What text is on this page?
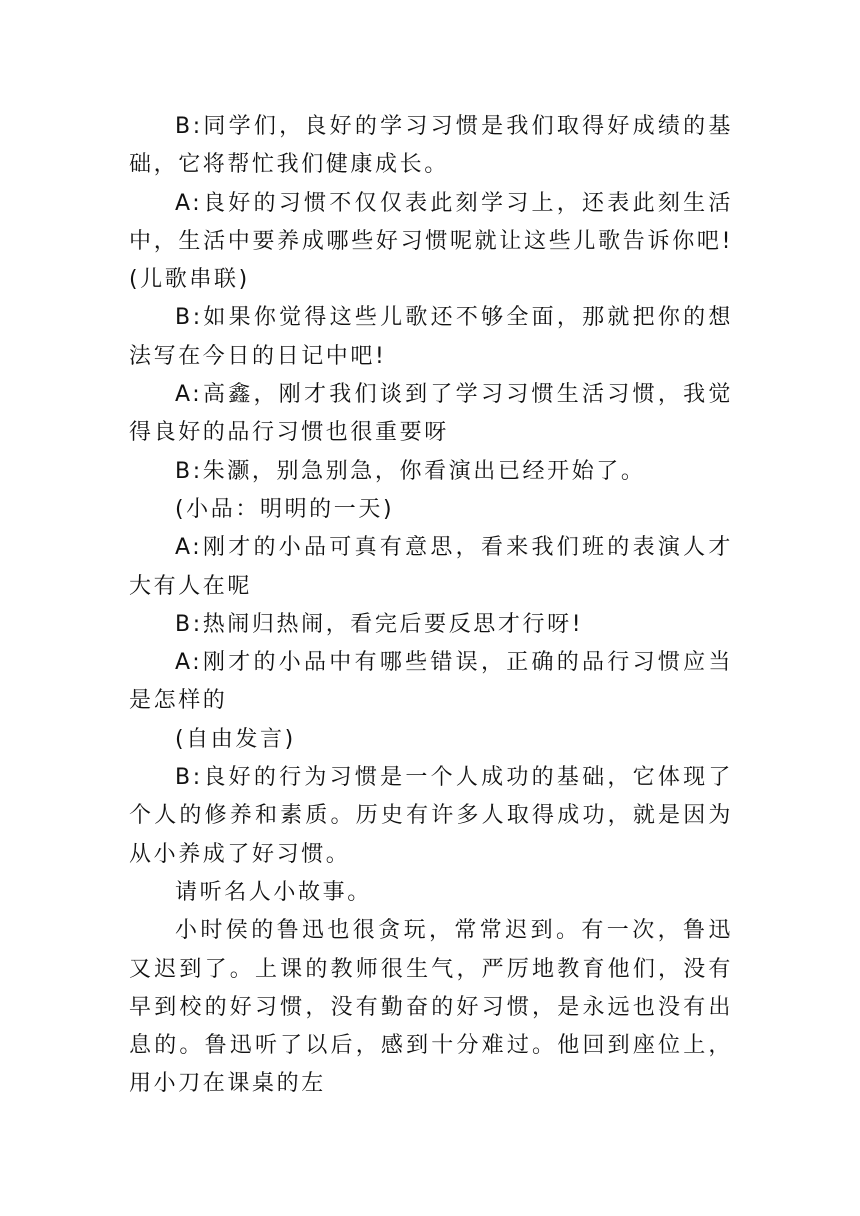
B:同学们，良好的学习习惯是我们取得好成绩的基础，它将帮忙我们健康成长。

A:良好的习惯不仅仅表此刻学习上，还表此刻生活中，生活中要养成哪些好习惯呢就让这些儿歌告诉你吧!(儿歌串联)

B:如果你觉得这些儿歌还不够全面，那就把你的想法写在今日的日记中吧!

A:高鑫，刚才我们谈到了学习习惯生活习惯，我觉得良好的品行习惯也很重要呀

B:朱灏，别急别急，你看演出已经开始了。

(小品：明明的一天)

A:刚才的小品可真有意思，看来我们班的表演人才大有人在呢

B:热闹归热闹，看完后要反思才行呀!

A:刚才的小品中有哪些错误，正确的品行习惯应当是怎样的

(自由发言)

B:良好的行为习惯是一个人成功的基础，它体现了个人的修养和素质。历史有许多人取得成功，就是因为从小养成了好习惯。

请听名人小故事。

小时侯的鲁迅也很贪玩，常常迟到。有一次，鲁迅又迟到了。上课的教师很生气，严厉地教育他们，没有早到校的好习惯，没有勤奋的好习惯，是永远也没有出息的。鲁迅听了以后，感到十分难过。他回到座位上，用小刀在课桌的左
